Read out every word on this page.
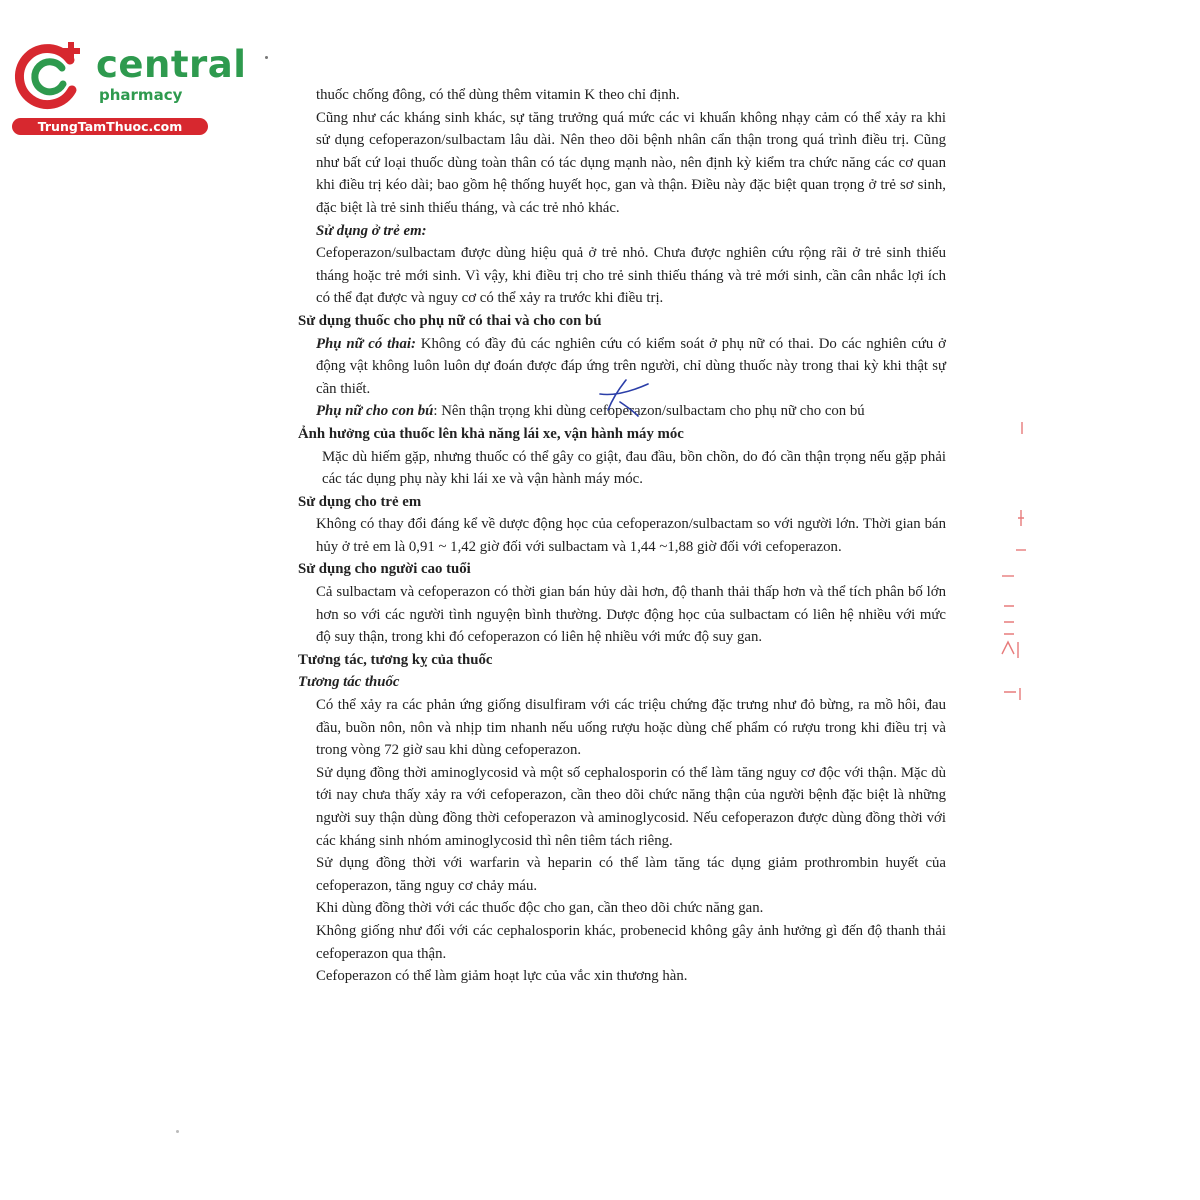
central
pharmacy
TrungTamThuoc.com

thuốc chống đông, có thể dùng thêm vitamin K theo chỉ định.

Cũng như các kháng sinh khác, sự tăng trưởng quá mức các vi khuẩn không nhạy cảm có thể xảy ra khi sử dụng cefoperazon/sulbactam lâu dài. Nên theo dõi bệnh nhân cẩn thận trong quá trình điều trị. Cũng như bất cứ loại thuốc dùng toàn thân có tác dụng mạnh nào, nên định kỳ kiểm tra chức năng các cơ quan khi điều trị kéo dài; bao gồm hệ thống huyết học, gan và thận. Điều này đặc biệt quan trọng ở trẻ sơ sinh, đặc biệt là trẻ sinh thiếu tháng, và các trẻ nhỏ khác.

Sử dụng ở trẻ em:

Cefoperazon/sulbactam được dùng hiệu quả ở trẻ nhỏ. Chưa được nghiên cứu rộng rãi ở trẻ sinh thiếu tháng hoặc trẻ mới sinh. Vì vậy, khi điều trị cho trẻ sinh thiếu tháng và trẻ mới sinh, cần cân nhắc lợi ích có thể đạt được và nguy cơ có thể xảy ra trước khi điều trị.

Sử dụng thuốc cho phụ nữ có thai và cho con bú

Phụ nữ có thai: Không có đầy đủ các nghiên cứu có kiểm soát ở phụ nữ có thai. Do các nghiên cứu ở động vật không luôn luôn dự đoán được đáp ứng trên người, chỉ dùng thuốc này trong thai kỳ khi thật sự cần thiết.

Phụ nữ cho con bú: Nên thận trọng khi dùng cefoperazon/sulbactam cho phụ nữ cho con bú

Ảnh hưởng của thuốc lên khả năng lái xe, vận hành máy móc

Mặc dù hiếm gặp, nhưng thuốc có thể gây co giật, đau đầu, bồn chồn, do đó cần thận trọng nếu gặp phải các tác dụng phụ này khi lái xe và vận hành máy móc.

Sử dụng cho trẻ em

Không có thay đổi đáng kể về dược động học của cefoperazon/sulbactam so với người lớn. Thời gian bán hủy ở trẻ em là 0,91 ~ 1,42 giờ đối với sulbactam và 1,44 ~1,88 giờ đối với cefoperazon.

Sử dụng cho người cao tuổi

Cả sulbactam và cefoperazon có thời gian bán hủy dài hơn, độ thanh thải thấp hơn và thể tích phân bố lớn hơn so với các người tình nguyện bình thường. Dược động học của sulbactam có liên hệ nhiều với mức độ suy thận, trong khi đó cefoperazon có liên hệ nhiều với mức độ suy gan.

Tương tác, tương kỵ của thuốc

Tương tác thuốc

Có thể xảy ra các phản ứng giống disulfiram với các triệu chứng đặc trưng như đỏ bừng, ra mồ hôi, đau đầu, buồn nôn, nôn và nhịp tim nhanh nếu uống rượu hoặc dùng chế phẩm có rượu trong khi điều trị và trong vòng 72 giờ sau khi dùng cefoperazon.

Sử dụng đồng thời aminoglycosid và một số cephalosporin có thể làm tăng nguy cơ độc với thận. Mặc dù tới nay chưa thấy xảy ra với cefoperazon, cần theo dõi chức năng thận của người bệnh đặc biệt là những người suy thận dùng đồng thời cefoperazon và aminoglycosid. Nếu cefoperazon được dùng đồng thời với các kháng sinh nhóm aminoglycosid thì nên tiêm tách riêng.

Sử dụng đồng thời với warfarin và heparin có thể làm tăng tác dụng giảm prothrombin huyết của cefoperazon, tăng nguy cơ chảy máu.

Khi dùng đồng thời với các thuốc độc cho gan, cần theo dõi chức năng gan.

Không giống như đối với các cephalosporin khác, probenecid không gây ảnh hưởng gì đến độ thanh thải cefoperazon qua thận.

Cefoperazon có thể làm giảm hoạt lực của vắc xin thương hàn.
